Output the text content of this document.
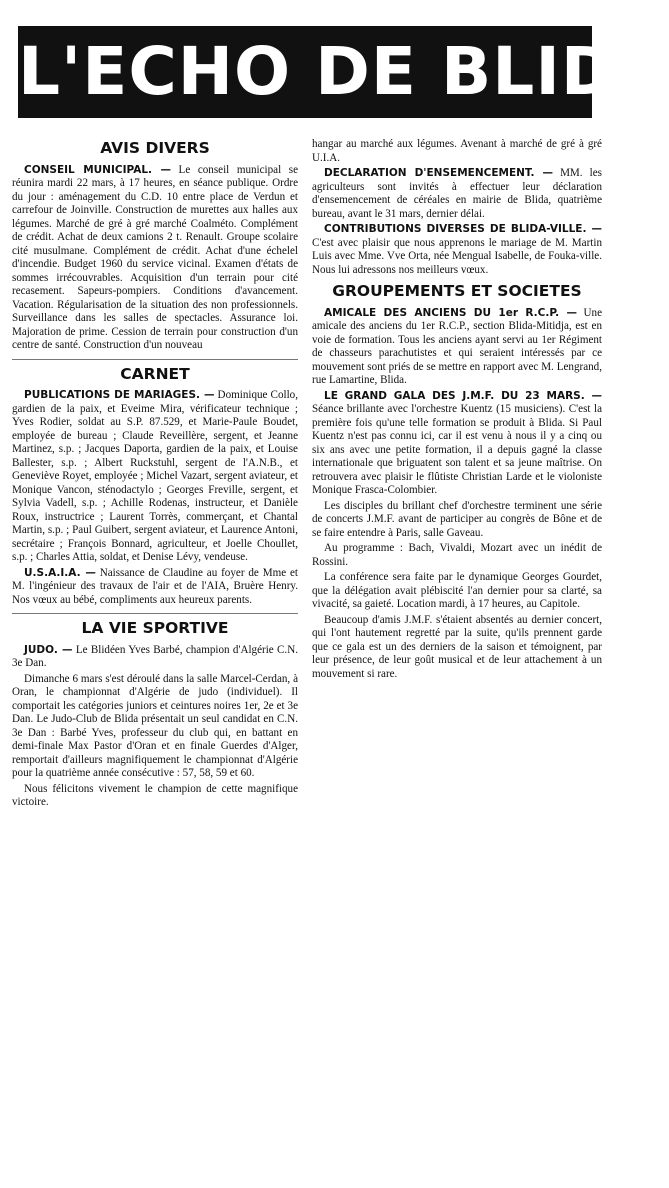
L'ECHO DE BLIDA
AVIS DIVERS

CONSEIL MUNICIPAL. — Le conseil municipal se réunira mardi 22 mars, à 17 heures, en séance publique. Ordre du jour : aménagement du C.D. 10 entre place de Verdun et carrefour de Joinville. Construction de murettes aux halles aux légumes. Marché de gré à gré marché Coalméto. Complément de crédit. Achat de deux camions 2 t. Renault. Groupe scolaire cité musulmane. Complément de crédit. Achat d'une échelel d'incendie. Budget 1960 du service vicinal. Examen d'états de sommes irrécouvrables. Acquisition d'un terrain pour cité recasement. Sapeurs-pompiers. Conditions d'avancement. Vacation. Régularisation de la situation des non professionnels. Surveillance dans les salles de spectacles. Assurance loi. Majoration de prime. Cession de terrain pour construction d'un centre de santé. Construction d'un nouveau

CARNET

PUBLICATIONS DE MARIAGES. — Dominique Collo, gardien de la paix, et Eveime Mira, vérificateur technique ; Yves Rodier, soldat au S.P. 87.529, et Marie-Paule Boudet, employée de bureau ; Claude Reveillère, sergent, et Jeanne Martinez, s.p. ; Jacques Daporta, gardien de la paix, et Louise Ballester, s.p. ; Albert Ruckstuhl, sergent de l'A.N.B., et Geneviève Royet, employée ; Michel Vazart, sergent aviateur, et Monique Vancon, sténodactylo ; Georges Freville, sergent, et Sylvia Vadell, s.p. ; Achille Rodenas, instructeur, et Danièle Roux, instructrice ; Laurent Torrès, commerçant, et Chantal Martin, s.p. ; Paul Guibert, sergent aviateur, et Laurence Antoni, secrétaire ; François Bonnard, agriculteur, et Joelle Choullet, s.p. ; Charles Attia, soldat, et Denise Lévy, vendeuse.

U.S.A.I.A. — Naissance de Claudine au foyer de Mme et M. l'ingénieur des travaux de l'air et de l'AIA, Bruère Henry. Nos vœux au bébé, compliments aux heureux parents.

LA VIE SPORTIVE

JUDO. — Le Blidéen Yves Barbé, champion d'Algérie C.N. 3e Dan.

Dimanche 6 mars s'est déroulé dans la salle Marcel-Cerdan, à Oran, le championnat d'Algérie de judo (individuel). Il comportait les catégories juniors et ceintures noires 1er, 2e et 3e Dan. Le Judo-Club de Blida présentait un seul candidat en C.N. 3e Dan : Barbé Yves, professeur du club qui, en battant en demi-finale Max Pastor d'Oran et en finale Guerdes d'Alger, remportait d'ailleurs magnifiquement le championnat d'Algérie pour la quatrième année consécutive : 57, 58, 59 et 60.

Nous félicitons vivement le champion de cette magnifique victoire.

hangar au marché aux légumes. Avenant à marché de gré à gré U.I.A.

DECLARATION D'ENSEMENCEMENT. — MM. les agriculteurs sont invités à effectuer leur déclaration d'ensemencement de céréales en mairie de Blida, quatrième bureau, avant le 31 mars, dernier délai.

CONTRIBUTIONS DIVERSES DE BLIDA-VILLE. — C'est avec plaisir que nous apprenons le mariage de M. Martin Luis avec Mme. Vve Orta, née Mengual Isabelle, de Fouka-ville. Nous lui adressons nos meilleurs vœux.

GROUPEMENTS ET SOCIETES

AMICALE DES ANCIENS DU 1er R.C.P. — Une amicale des anciens du 1er R.C.P., section Blida-Mitidja, est en voie de formation. Tous les anciens ayant servi au 1er Régiment de chasseurs parachutistes et qui seraient intéressés par ce mouvement sont priés de se mettre en rapport avec M. Lengrand, rue Lamartine, Blida.

LE GRAND GALA DES J.M.F. DU 23 MARS. — Séance brillante avec l'orchestre Kuentz (15 musiciens). C'est la première fois qu'une telle formation se produit à Blida. Si Paul Kuentz n'est pas connu ici, car il est venu à nous il y a cinq ou six ans avec une petite formation, il a depuis gagné la classe internationale que briguatent son talent et sa jeune maîtrise. On retrouvera avec plaisir le flûtiste Christian Larde et le violoniste Monique Frasca-Colombier.

Les disciples du brillant chef d'orchestre terminent une série de concerts J.M.F. avant de participer au congrès de Bône et de se faire entendre à Paris, salle Gaveau.

Au programme : Bach, Vivaldi, Mozart avec un inédit de Rossini.

La conférence sera faite par le dynamique Georges Gourdet, que la délégation avait plébiscité l'an dernier pour sa clarté, sa vivacité, sa gaieté. Location mardi, à 17 heures, au Capitole.

Beaucoup d'amis J.M.F. s'étaient absentés au dernier concert, qui l'ont hautement regretté par la suite, qu'ils prennent garde que ce gala est un des derniers de la saison et témoignent, par leur présence, de leur goût musical et de leur attachement à un mouvement si rare.
